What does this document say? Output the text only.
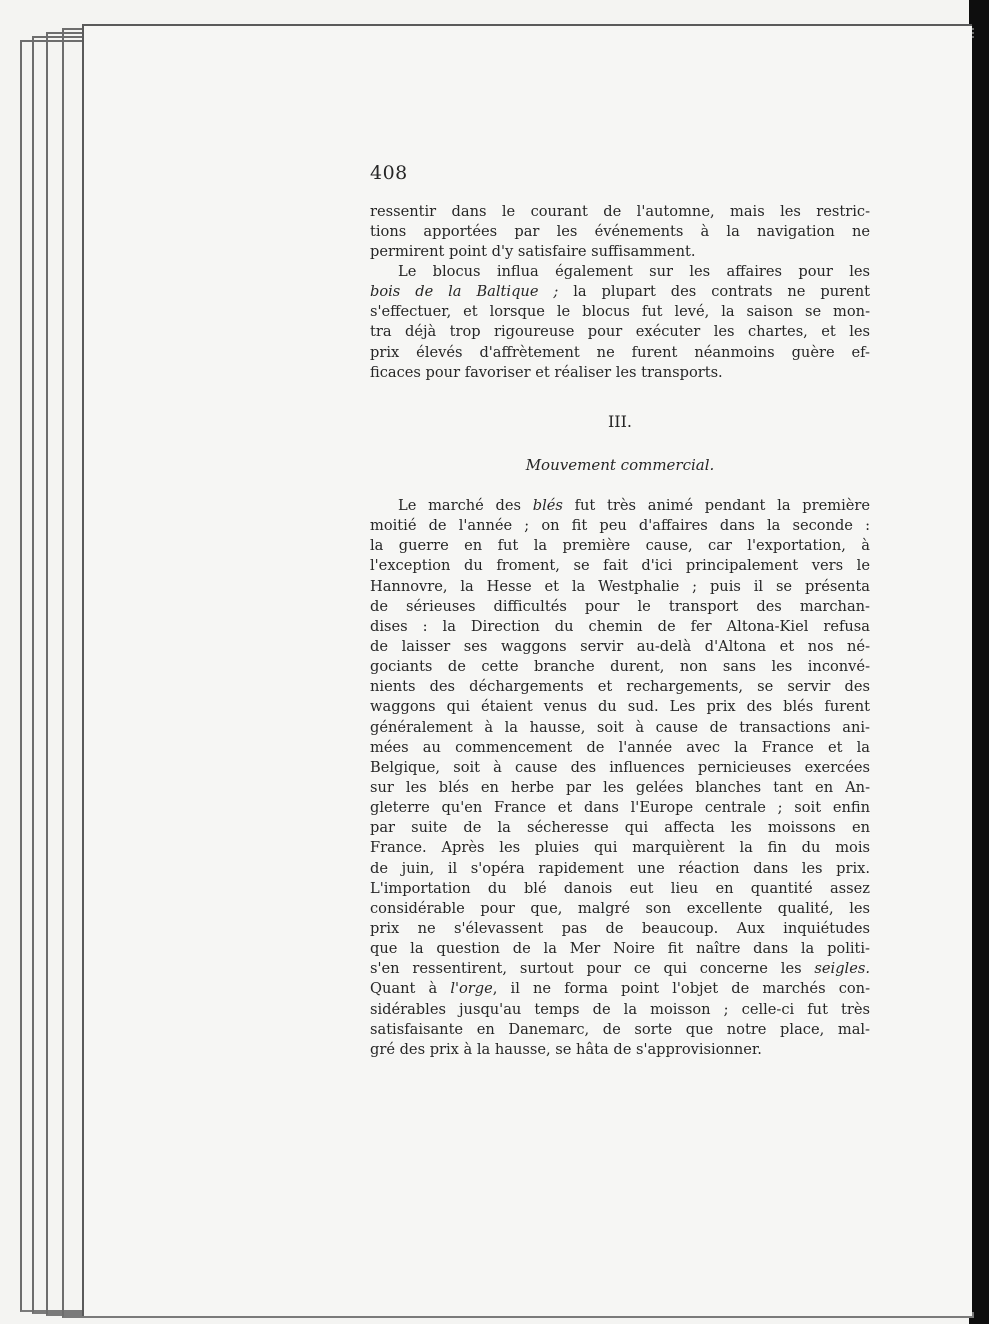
408
ressentir dans le courant de l'automne, mais les restric-
tions apportées par les événements à la navigation ne
permirent point d'y satisfaire suffisamment.
Le blocus influa également sur les affaires pour les
bois de la Baltique ; la plupart des contrats ne purent
s'effectuer, et lorsque le blocus fut levé, la saison se mon-
tra déjà trop rigoureuse pour exécuter les chartes, et les
prix élevés d'affrètement ne furent néanmoins guère ef-
ficaces pour favoriser et réaliser les transports.
III.
Mouvement commercial.
Le marché des blés fut très animé pendant la première
moitié de l'année ; on fit peu d'affaires dans la seconde :
la guerre en fut la première cause, car l'exportation, à
l'exception du froment, se fait d'ici principalement vers le
Hannovre, la Hesse et la Westphalie ; puis il se présenta
de sérieuses difficultés pour le transport des marchan-
dises : la Direction du chemin de fer Altona-Kiel refusa
de laisser ses waggons servir au-delà d'Altona et nos né-
gociants de cette branche durent, non sans les inconvé-
nients des déchargements et rechargements, se servir des
waggons qui étaient venus du sud. Les prix des blés furent
généralement à la hausse, soit à cause de transactions ani-
mées au commencement de l'année avec la France et la
Belgique, soit à cause des influences pernicieuses exercées
sur les blés en herbe par les gelées blanches tant en An-
gleterre qu'en France et dans l'Europe centrale ; soit enfin
par suite de la sécheresse qui affecta les moissons en
France. Après les pluies qui marquièrent la fin du mois
de juin, il s'opéra rapidement une réaction dans les prix.
L'importation du blé danois eut lieu en quantité assez
considérable pour que, malgré son excellente qualité, les
prix ne s'élevassent pas de beaucoup. Aux inquiétudes
que la question de la Mer Noire fit naître dans la politi-
s'en ressentirent, surtout pour ce qui concerne les seigles.
Quant à l'orge, il ne forma point l'objet de marchés con-
sidérables jusqu'au temps de la moisson ; celle-ci fut très
satisfaisante en Danemarc, de sorte que notre place, mal-
gré des prix à la hausse, se hâta de s'approvisionner.
